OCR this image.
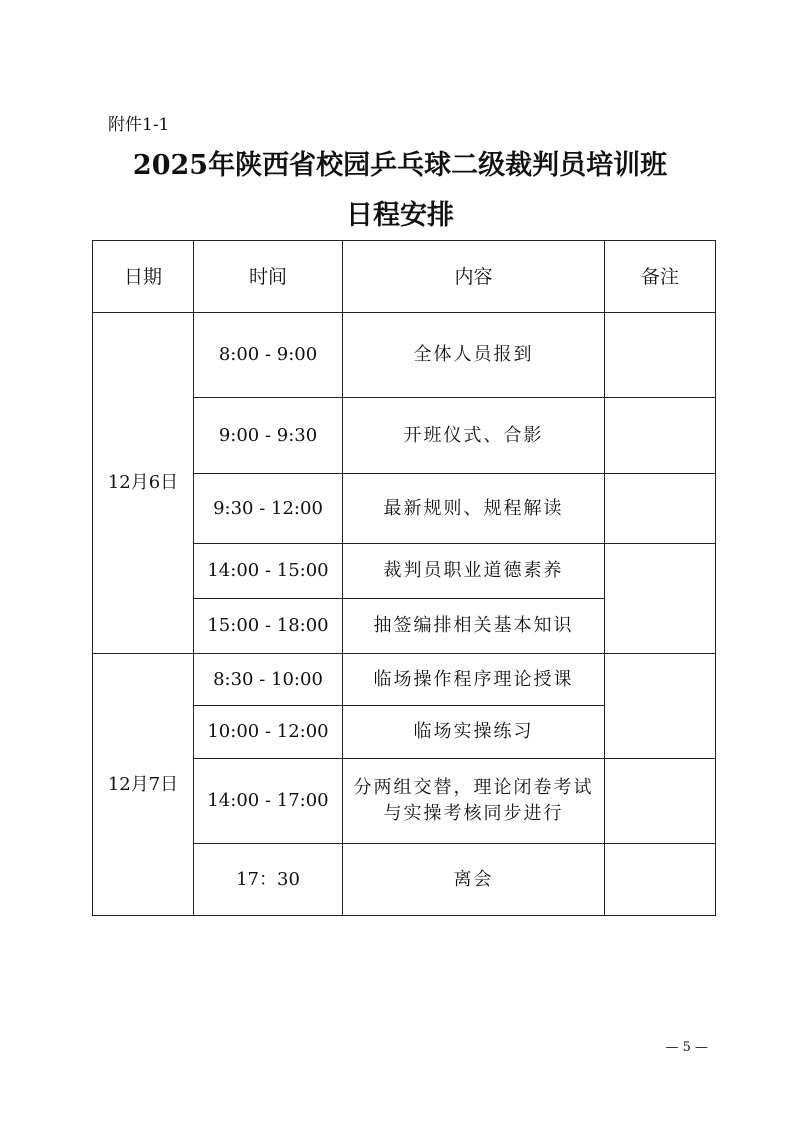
附件1-1
2025年陕西省校园乒乓球二级裁判员培训班
日程安排
日期	时间	内容	备注
12月6日	8:00 - 9:00	全体人员报到	
	9:00 - 9:30	开班仪式、合影	
	9:30 - 12:00	最新规则、规程解读	
	14:00 - 15:00	裁判员职业道德素养	
	15:00 - 18:00	抽签编排相关基本知识	
12月7日	8:30 - 10:00	临场操作程序理论授课	
	10:00 - 12:00	临场实操练习	
	14:00 - 17:00	分两组交替，理论闭卷考试与实操考核同步进行	
	17：30	离会	
— 5 —
